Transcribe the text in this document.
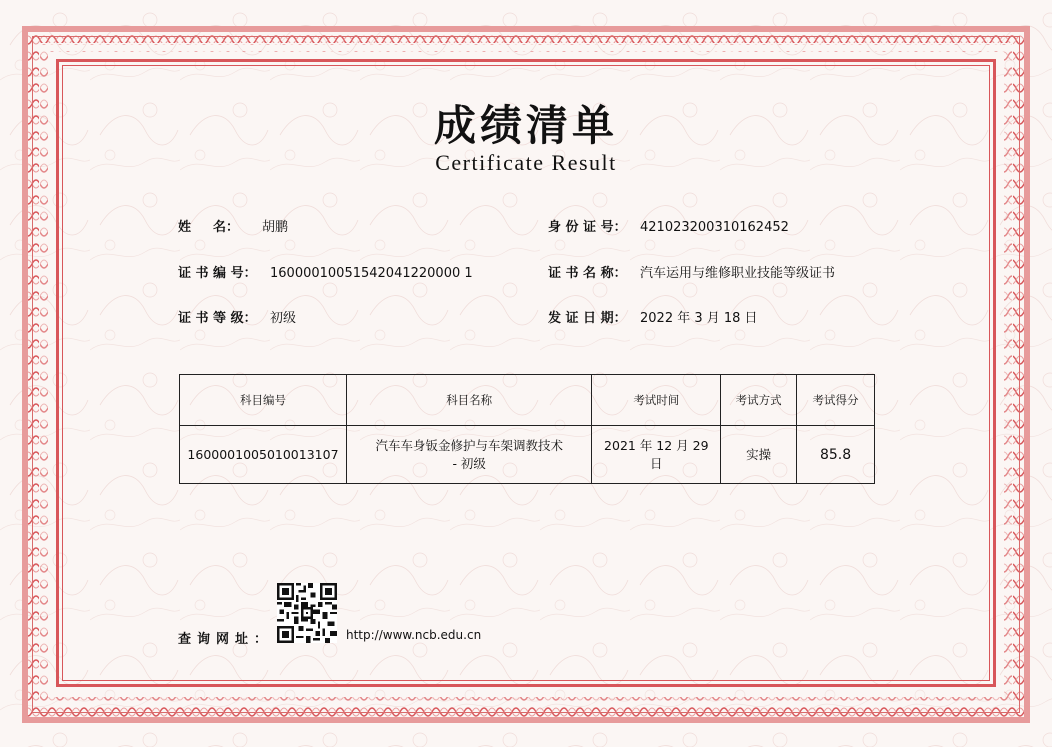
成绩清单
Certificate Result
姓 　 名： 胡鹏
证 书 编 号： 16000010051542041220000 1
证 书 等 级： 初级
身 份 证 号： 421023200310162452
证 书 名 称： 汽车运用与维修职业技能等级证书
发 证 日 期： 2022 年 3 月 18 日
科目编号	科目名称	考试时间	考试方式	考试得分
1600001005010013107	汽车车身钣金修护与车架调教技术
- 初级	2021 年 12 月 29 日	实操	85.8
查询网址：	http://www.ncb.edu.cn
